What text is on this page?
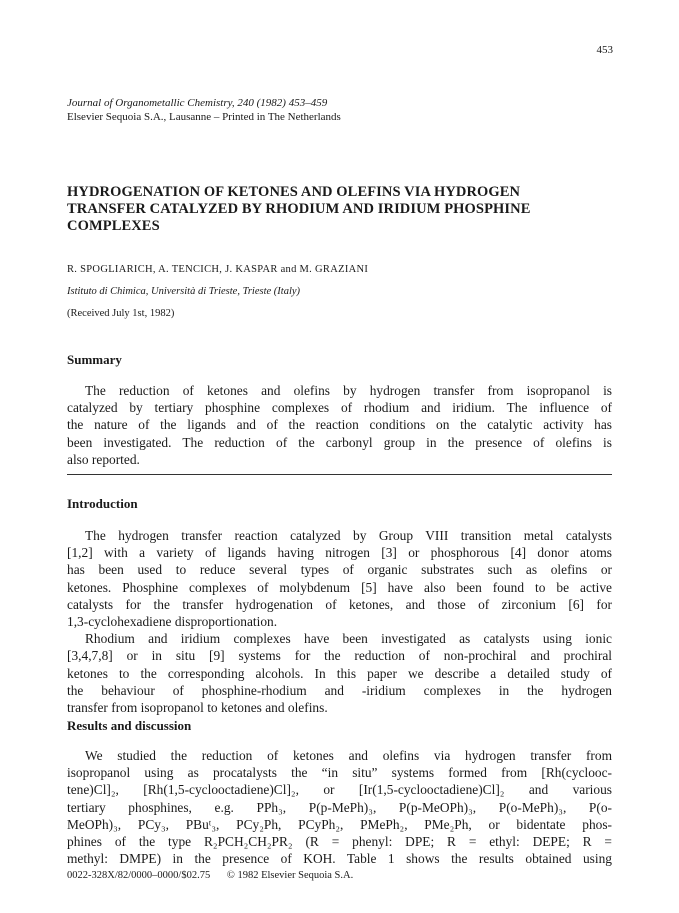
453
Journal of Organometallic Chemistry, 240 (1982) 453–459
Elsevier Sequoia S.A., Lausanne – Printed in The Netherlands
HYDROGENATION OF KETONES AND OLEFINS VIA HYDROGEN
TRANSFER CATALYZED BY RHODIUM AND IRIDIUM PHOSPHINE
COMPLEXES
R. SPOGLIARICH, A. TENCICH, J. KASPAR and M. GRAZIANI
Istituto di Chimica, Università di Trieste, Trieste (Italy)
(Received July 1st, 1982)
Summary
The reduction of ketones and olefins by hydrogen transfer from isopropanol is
catalyzed by tertiary phosphine complexes of rhodium and iridium. The influence of
the nature of the ligands and of the reaction conditions on the catalytic activity has
been investigated. The reduction of the carbonyl group in the presence of olefins is
also reported.
Introduction
The hydrogen transfer reaction catalyzed by Group VIII transition metal catalysts
[1,2] with a variety of ligands having nitrogen [3] or phosphorous [4] donor atoms
has been used to reduce several types of organic substrates such as olefins or
ketones. Phosphine complexes of molybdenum [5] have also been found to be active
catalysts for the transfer hydrogenation of ketones, and those of zirconium [6] for
1,3-cyclohexadiene disproportionation.
Rhodium and iridium complexes have been investigated as catalysts using ionic
[3,4,7,8] or in situ [9] systems for the reduction of non-prochiral and prochiral
ketones to the corresponding alcohols. In this paper we describe a detailed study of
the behaviour of phosphine-rhodium and -iridium complexes in the hydrogen
transfer from isopropanol to ketones and olefins.
Results and discussion
We studied the reduction of ketones and olefins via hydrogen transfer from
isopropanol using as procatalysts the “in situ” systems formed from [Rh(cyclooc-
tene)Cl]₂, [Rh(1,5-cyclooctadiene)Cl]₂, or [Ir(1,5-cyclooctadiene)Cl]₂ and various
tertiary phosphines, e.g. PPh₃, P(p-MePh)₃, P(p-MeOPh)₃, P(o-MePh)₃, P(o-
MeOPh)₃, PCy₃, PBuᵗ₃, PCy₂Ph, PCyPh₂, PMePh₂, PMe₂Ph, or bidentate phos-
phines of the type R₂PCH₂CH₂PR₂ (R = phenyl: DPE; R = ethyl: DEPE; R =
methyl: DMPE) in the presence of KOH. Table 1 shows the results obtained using
0022-328X/82/0000–0000/$02.75 © 1982 Elsevier Sequoia S.A.
